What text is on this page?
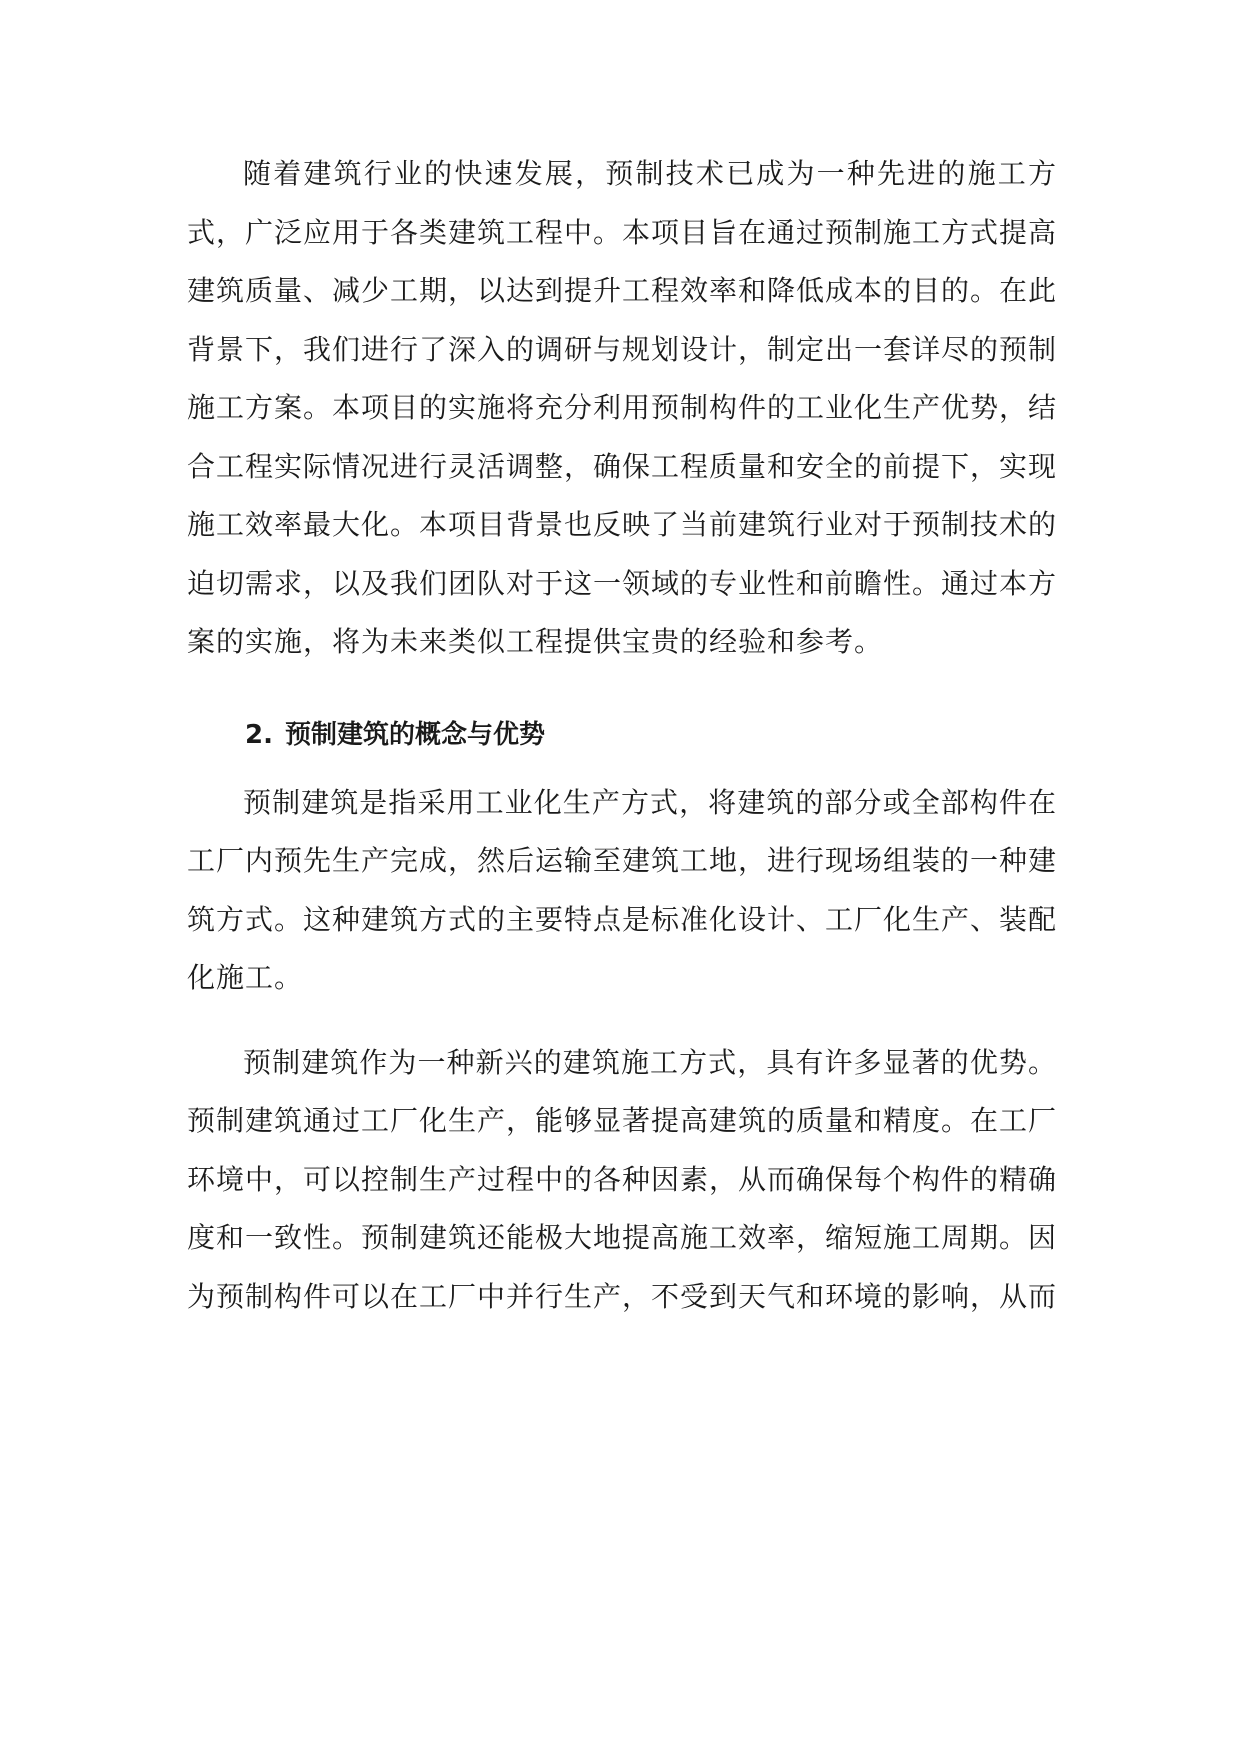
随着建筑行业的快速发展，预制技术已成为一种先进的施工方式，广泛应用于各类建筑工程中。本项目旨在通过预制施工方式提高建筑质量、减少工期，以达到提升工程效率和降低成本的目的。在此背景下，我们进行了深入的调研与规划设计，制定出一套详尽的预制施工方案。本项目的实施将充分利用预制构件的工业化生产优势，结合工程实际情况进行灵活调整，确保工程质量和安全的前提下，实现施工效率最大化。本项目背景也反映了当前建筑行业对于预制技术的迫切需求，以及我们团队对于这一领域的专业性和前瞻性。通过本方案的实施，将为未来类似工程提供宝贵的经验和参考。

2. 预制建筑的概念与优势

预制建筑是指采用工业化生产方式，将建筑的部分或全部构件在工厂内预先生产完成，然后运输至建筑工地，进行现场组装的一种建筑方式。这种建筑方式的主要特点是标准化设计、工厂化生产、装配化施工。

预制建筑作为一种新兴的建筑施工方式，具有许多显著的优势。预制建筑通过工厂化生产，能够显著提高建筑的质量和精度。在工厂环境中，可以控制生产过程中的各种因素，从而确保每个构件的精确度和一致性。预制建筑还能极大地提高施工效率，缩短施工周期。因为预制构件可以在工厂中并行生产，不受到天气和环境的影响，从而
